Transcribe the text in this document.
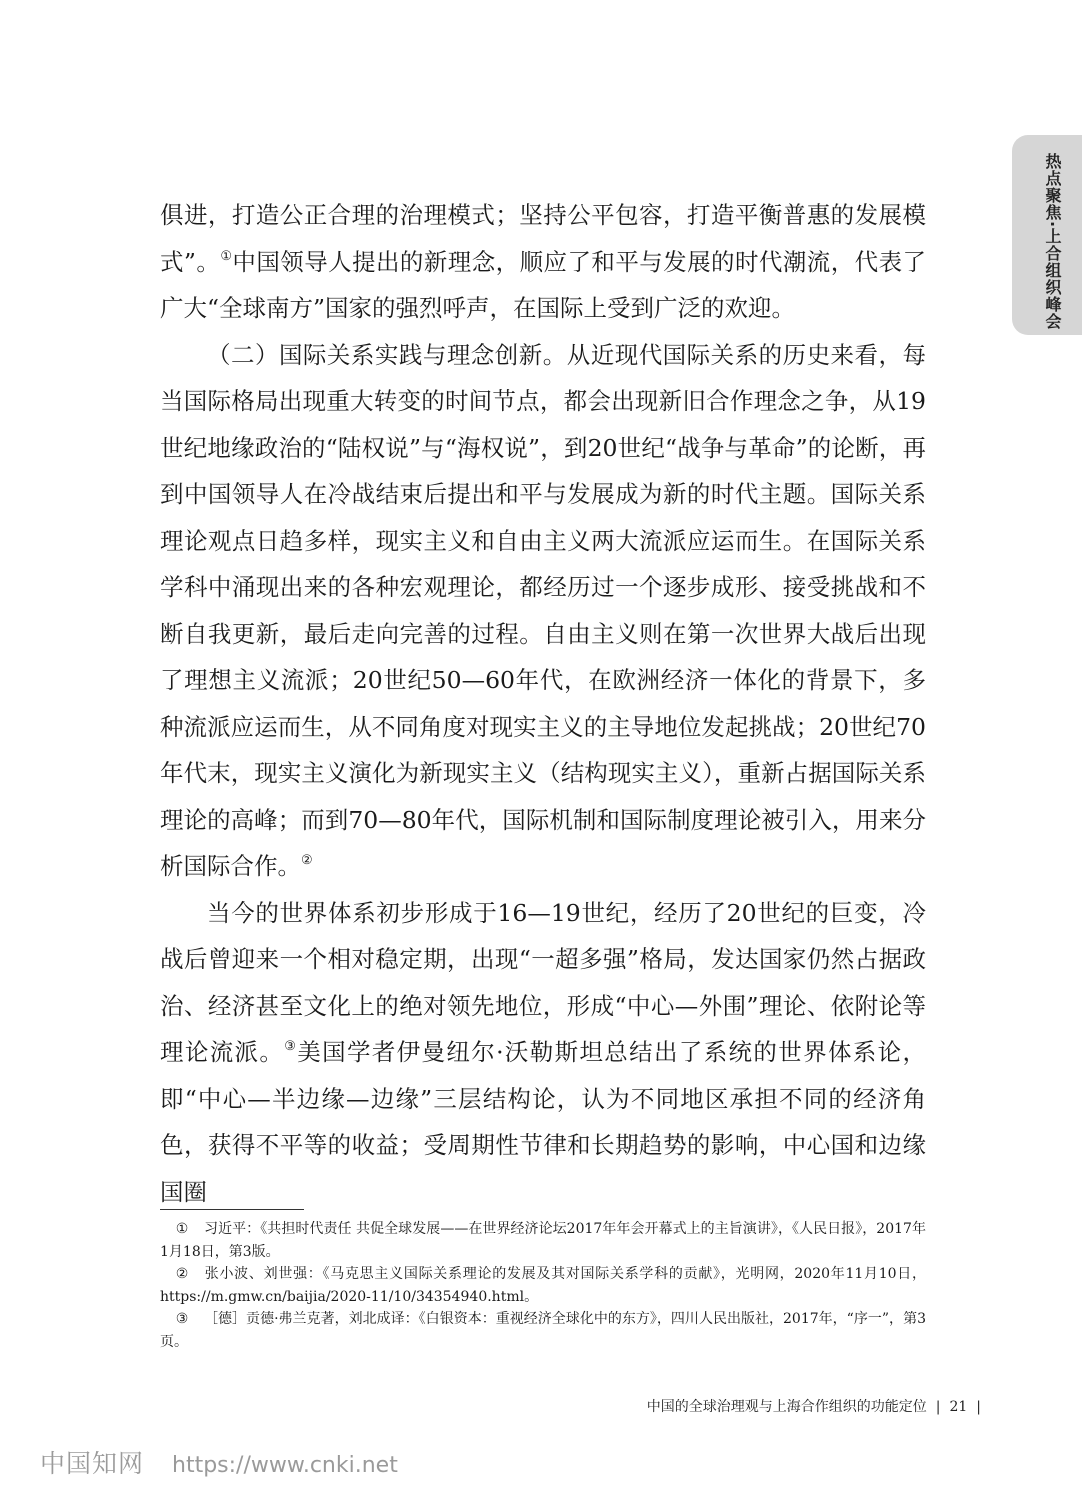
热点聚焦·上合组织峰会

俱进，打造公正合理的治理模式；坚持公平包容，打造平衡普惠的发展模式”。①中国领导人提出的新理念，顺应了和平与发展的时代潮流，代表了广大“全球南方”国家的强烈呼声，在国际上受到广泛的欢迎。

（二）国际关系实践与理念创新。从近现代国际关系的历史来看，每当国际格局出现重大转变的时间节点，都会出现新旧合作理念之争，从19世纪地缘政治的“陆权说”与“海权说”，到20世纪“战争与革命”的论断，再到中国领导人在冷战结束后提出和平与发展成为新的时代主题。国际关系理论观点日趋多样，现实主义和自由主义两大流派应运而生。在国际关系学科中涌现出来的各种宏观理论，都经历过一个逐步成形、接受挑战和不断自我更新，最后走向完善的过程。自由主义则在第一次世界大战后出现了理想主义流派；20世纪50—60年代，在欧洲经济一体化的背景下，多种流派应运而生，从不同角度对现实主义的主导地位发起挑战；20世纪70年代末，现实主义演化为新现实主义（结构现实主义），重新占据国际关系理论的高峰；而到70—80年代，国际机制和国际制度理论被引入，用来分析国际合作。②

当今的世界体系初步形成于16—19世纪，经历了20世纪的巨变，冷战后曾迎来一个相对稳定期，出现“一超多强”格局，发达国家仍然占据政治、经济甚至文化上的绝对领先地位，形成“中心—外围”理论、依附论等理论流派。③美国学者伊曼纽尔·沃勒斯坦总结出了系统的世界体系论，即“中心—半边缘—边缘”三层结构论，认为不同地区承担不同的经济角色，获得不平等的收益；受周期性节律和长期趋势的影响，中心国和边缘国圈

① 习近平：《共担时代责任 共促全球发展——在世界经济论坛2017年年会开幕式上的主旨演讲》，《人民日报》，2017年1月18日，第3版。

② 张小波、刘世强：《马克思主义国际关系理论的发展及其对国际关系学科的贡献》，光明网，2020年11月10日，https://m.gmw.cn/baijia/2020-11/10/34354940.html。

③ ［德］贡德·弗兰克著，刘北成译：《白银资本：重视经济全球化中的东方》，四川人民出版社，2017年，“序一”，第3页。

中国的全球治理观与上海合作组织的功能定位 | 21 |
中国知网 https://www.cnki.net
